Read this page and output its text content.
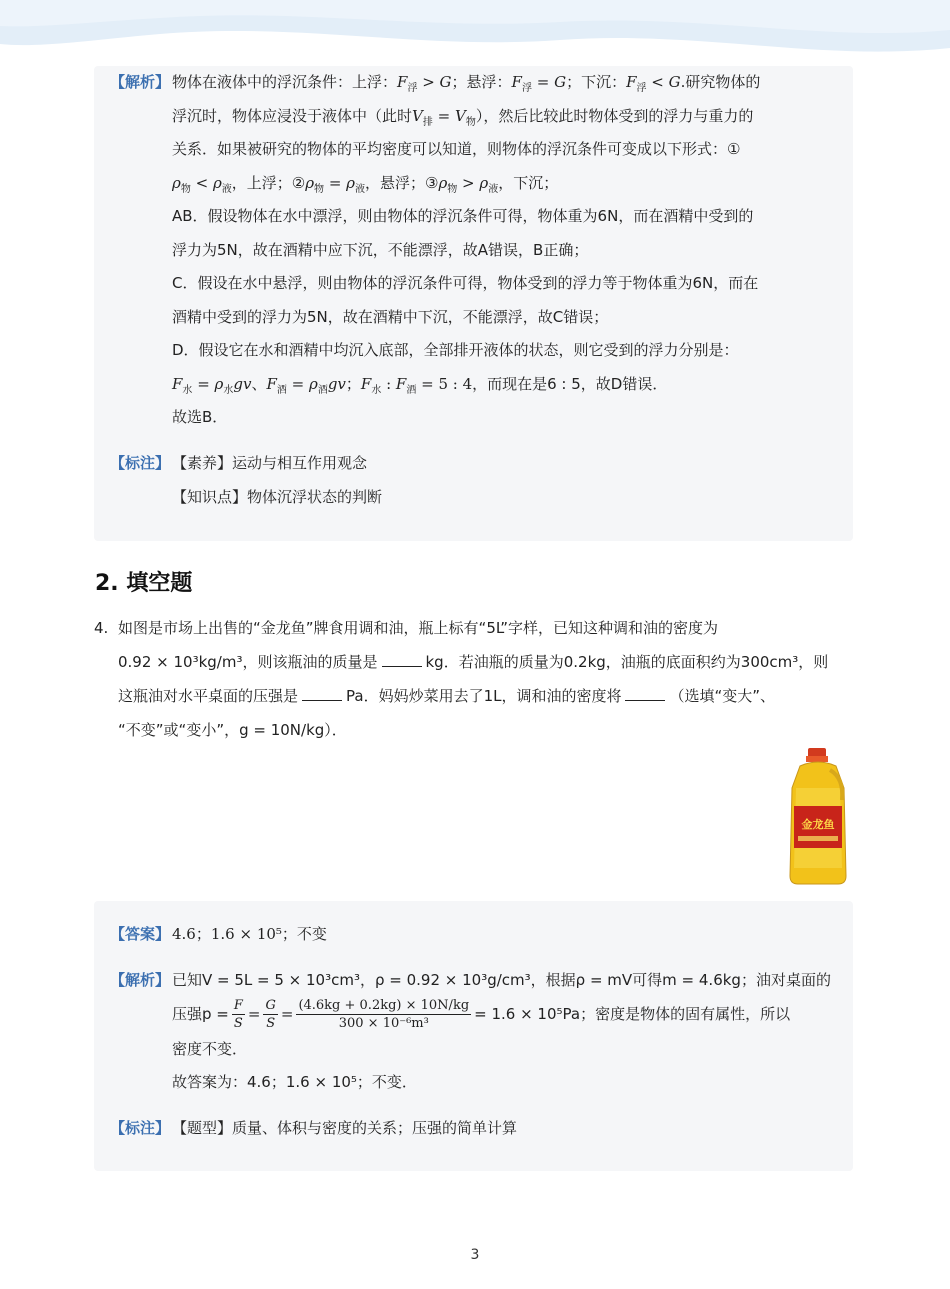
【解析】 物体在液体中的浮沉条件：上浮：$F_浮 > G$；悬浮：$F_浮 = G$；下沉：$F_浮 < G$.研究物体的
浮沉时，物体应浸没于液体中（此时$V_排 = V_物$），然后比较此时物体受到的浮力与重力的
关系．如果被研究的物体的平均密度可以知道，则物体的浮沉条件可变成以下形式：①
$\rho_物 < \rho_液$，上浮；$②\rho_物 = \rho_液$，悬浮；$③\rho_物 > \rho_液$，下沉；
AB．假设物体在水中漂浮，则由物体的浮沉条件可得，物体重为6N，而在酒精中受到的
浮力为5N，故在酒精中应下沉，不能漂浮，故A错误，B正确；
C．假设在水中悬浮，则由物体的浮沉条件可得，物体受到的浮力等于物体重为6N，而在
酒精中受到的浮力为5N，故在酒精中下沉，不能漂浮，故C错误；
D．假设它在水和酒精中均沉入底部，全部排开液体的状态，则它受到的浮力分别是：
$F_水 = \rho_水gv$、$F_酒 = \rho_酒gv$；$F_水$ : $F_酒 = 5$ : 4，而现在是6 : 5，故D错误．
故选B．
【标注】 【素养】运动与相互作用观念
【知识点】物体沉浮状态的判断
2. 填空题
4. 如图是市场上出售的“金龙鱼”牌食用调和油，瓶上标有“5L”字样，已知这种调和油的密度为
0.92 × 10³kg/m³，则该瓶油的质量是	kg．若油瓶的质量为0.2kg，油瓶的底面积约为300cm³，则
这瓶油对水平桌面的压强是	Pa．妈妈炒菜用去了1L，调和油的密度将	（选填“变大”、
“不变”或“变小”，g = 10N/kg）．
金龙鱼
【答案】 4.6；1.6 × 10⁵；不变
【解析】 已知V = 5L = 5 × 10³cm³，ρ = 0.92 × 10³g/cm³，根据ρ = mV可得m = 4.6kg；油对桌面的
压强$p = \frac{F}{S} = \frac{G}{S} = \frac{(4.6kg + 0.2kg) \times 10N/kg}{\text{300 × 10⁻⁶m³}} = 1.6 \times 10^5Pa$；密度是物体的固有属性，所以
密度不变．
故答案为：4.6；1.6 × 10⁵；不变．
【标注】 【题型】质量、体积与密度的关系；压强的简单计算
3
